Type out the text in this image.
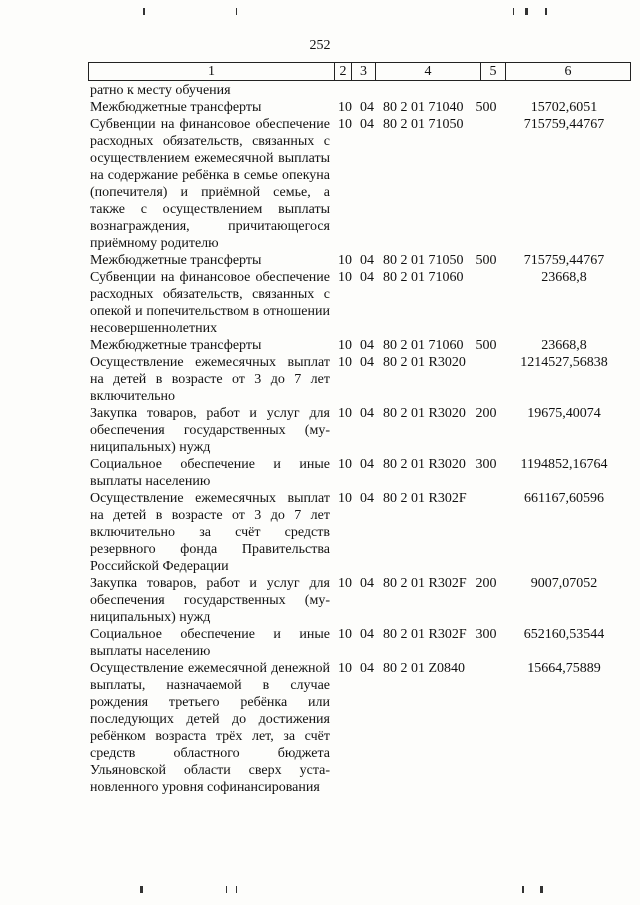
252
1	2 3	4	5	6
ратно к месту обучения
Межбюджетные трансферты	10 04 80 2 01 71040 500	15702,6051
Субвенции на финансовое обеспечение расходных обязательств, связанных с осуществлением ежемесячной выплаты на содержание ребёнка в семье опекуна (попечителя) и приёмной семье, а также с осуществлением выплаты вознаграждения, причитающегося приёмному родителю
10 04 80 2 01 71050	715759,44767
Межбюджетные трансферты	10 04 80 2 01 71050 500	715759,44767
Субвенции на финансовое обеспечение расходных обязательств, связанных с опекой и попечительством в отношении несовершеннолетних
10 04 80 2 01 71060	23668,8
Межбюджетные трансферты	10 04 80 2 01 71060 500	23668,8
Осуществление ежемесячных выплат на детей в возрасте от 3 до 7 лет включительно
10 04 80 2 01 R3020	1214527,56838
Закупка товаров, работ и услуг для обеспечения государственных (муниципальных) нужд
10 04 80 2 01 R3020 200	19675,40074
Социальное обеспечение и иные выплаты населению
10 04 80 2 01 R3020 300	1194852,16764
Осуществление ежемесячных выплат на детей в возрасте от 3 до 7 лет включительно за счёт средств резервного фонда Правительства Российской Федерации
10 04 80 2 01 R302F	661167,60596
Закупка товаров, работ и услуг для обеспечения государственных (муниципальных) нужд
10 04 80 2 01 R302F 200	9007,07052
Социальное обеспечение и иные выплаты населению
10 04 80 2 01 R302F 300	652160,53544
Осуществление ежемесячной денежной выплаты, назначаемой в случае рождения третьего ребёнка или последующих детей до достижения ребёнком возраста трёх лет, за счёт средств областного бюджета Ульяновской области сверх установленного уровня софинансирования
10 04 80 2 01 Z0840	15664,75889
